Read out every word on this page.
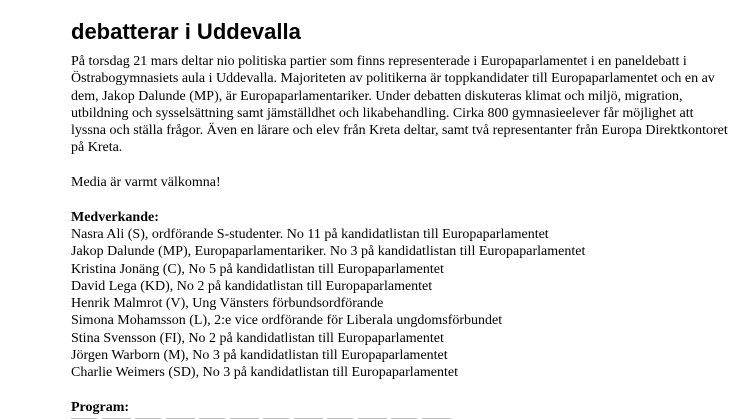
debatterar i Uddevalla

På torsdag 21 mars deltar nio politiska partier som finns representerade i Europaparlamentet i en paneldebatt i Östrabogymnasiets aula i Uddevalla. Majoriteten av politikerna är toppkandidater till Europaparlamentet och en av dem, Jakop Dalunde (MP), är Europaparlamentariker. Under debatten diskuteras klimat och miljö, migration, utbildning och sysselsättning samt jämställdhet och likabehandling. Cirka 800 gymnasieelever får möjlighet att lyssna och ställa frågor. Även en lärare och elev från Kreta deltar, samt två representanter från Europa Direktkontoret på Kreta.

Media är varmt välkomna!

Medverkande:

Nasra Ali (S), ordförande S-studenter. No 11 på kandidatlistan till Europaparlamentet
Jakop Dalunde (MP), Europaparlamentariker. No 3 på kandidatlistan till Europaparlamentet
Kristina Jonäng (C), No 5 på kandidatlistan till Europaparlamentet
David Lega (KD), No 2 på kandidatlistan till Europaparlamentet
Henrik Malmrot (V), Ung Vänsters förbundsordförande
Simona Mohamsson (L), 2:e vice ordförande för Liberala ungdomsförbundet
Stina Svensson (FI), No 2 på kandidatlistan till Europaparlamentet
Jörgen Warborn (M), No 3 på kandidatlistan till Europaparlamentet
Charlie Weimers (SD), No 3 på kandidatlistan till Europaparlamentet

Program:
